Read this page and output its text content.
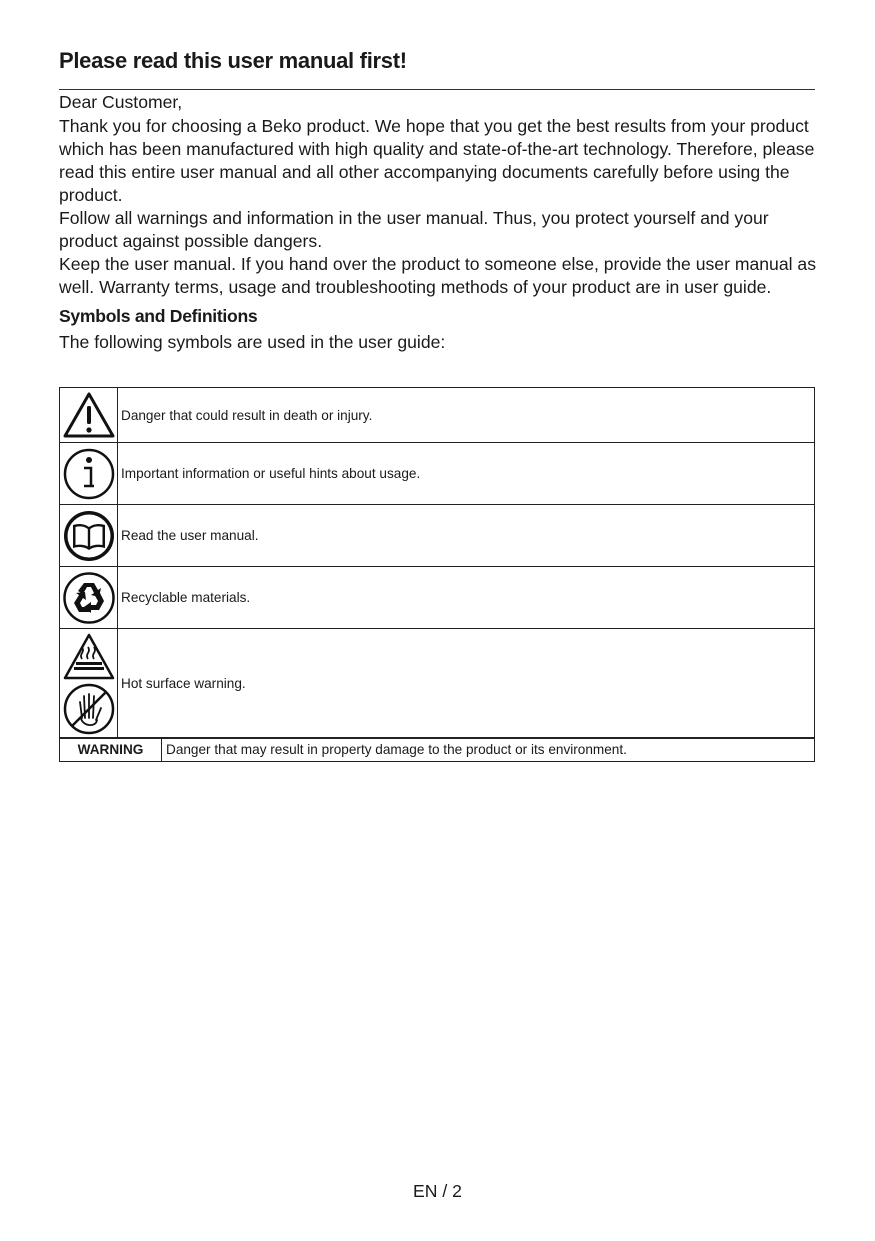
Please read this user manual first!

Dear Customer,

Thank you for choosing a Beko product. We hope that you get the best results from your product which has been manufactured with high quality and state-of-the-art technology. Therefore, please read this entire user manual and all other accompanying documents carefully before using the product.

Follow all warnings and information in the user manual. Thus, you protect yourself and your product against possible dangers.

Keep the user manual. If you hand over the product to someone else, provide the user manual as well. Warranty terms, usage and troubleshooting methods of your product are in user guide.

Symbols and Definitions

The following symbols are used in the user guide:

	Danger that could result in death or injury.

	Important information or useful hints about usage.

	Read the user manual.

	Recyclable materials.

	Hot surface warning.
WARNING	Danger that may result in property damage to the product or its environment.
EN / 2
